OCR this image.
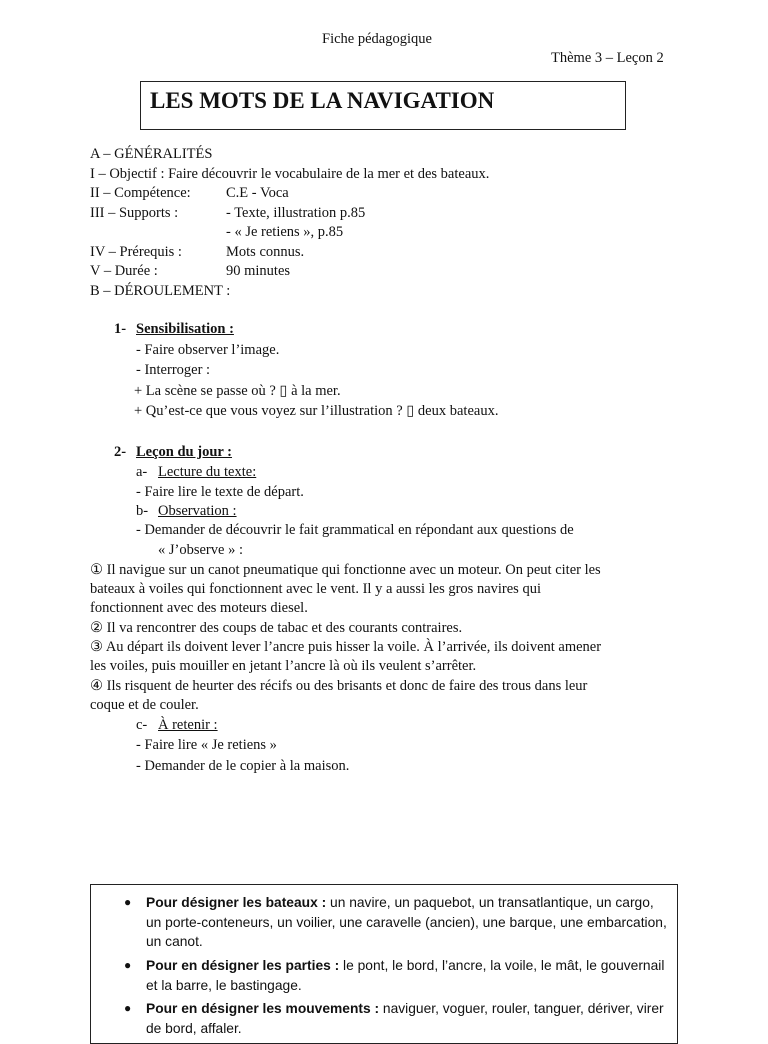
Fiche pédagogique
Thème 3 – Leçon 2
LES MOTS DE LA NAVIGATION
A – GÉNÉRALITÉS
I – Objectif : Faire découvrir le vocabulaire de la mer et des bateaux.
II – Compétence: C.E - Voca
III – Supports :	- Texte, illustration p.85
- « Je retiens », p.85
IV – Prérequis :	Mots connus.
V – Durée :	90 minutes
B – DÉROULEMENT :
1- Sensibilisation :
- Faire observer l’image.
- Interroger :
+ La scène se passe où ? ▯ à la mer.
+ Qu’est-ce que vous voyez sur l’illustration ? ▯ deux bateaux.
2- Leçon du jour :
a- Lecture du texte:
- Faire lire le texte de départ.
b- Observation :
- Demander de découvrir le fait grammatical en répondant aux questions de
« J’observe » :
① Il navigue sur un canot pneumatique qui fonctionne avec un moteur. On peut citer les
bateaux à voiles qui fonctionnent avec le vent. Il y a aussi les gros navires qui
fonctionnent avec des moteurs diesel.
② Il va rencontrer des coups de tabac et des courants contraires.
③ Au départ ils doivent lever l’ancre puis hisser la voile. À l’arrivée, ils doivent amener
les voiles, puis mouiller en jetant l’ancre là où ils veulent s’arrêter.
④ Ils risquent de heurter des récifs ou des brisants et donc de faire des trous dans leur
coque et de couler.
c- À retenir :
- Faire lire « Je retiens »
- Demander de le copier à la maison.
● Pour désigner les bateaux : un navire, un paquebot, un transatlantique, un cargo, un porte-conteneurs, un voilier, une caravelle (ancien), une barque, une embarcation, un canot.
● Pour en désigner les parties : le pont, le bord, l’ancre, la voile, le mât, le gouvernail et la barre, le bastingage.
● Pour en désigner les mouvements : naviguer, voguer, rouler, tanguer, dériver, virer de bord, affaler.
